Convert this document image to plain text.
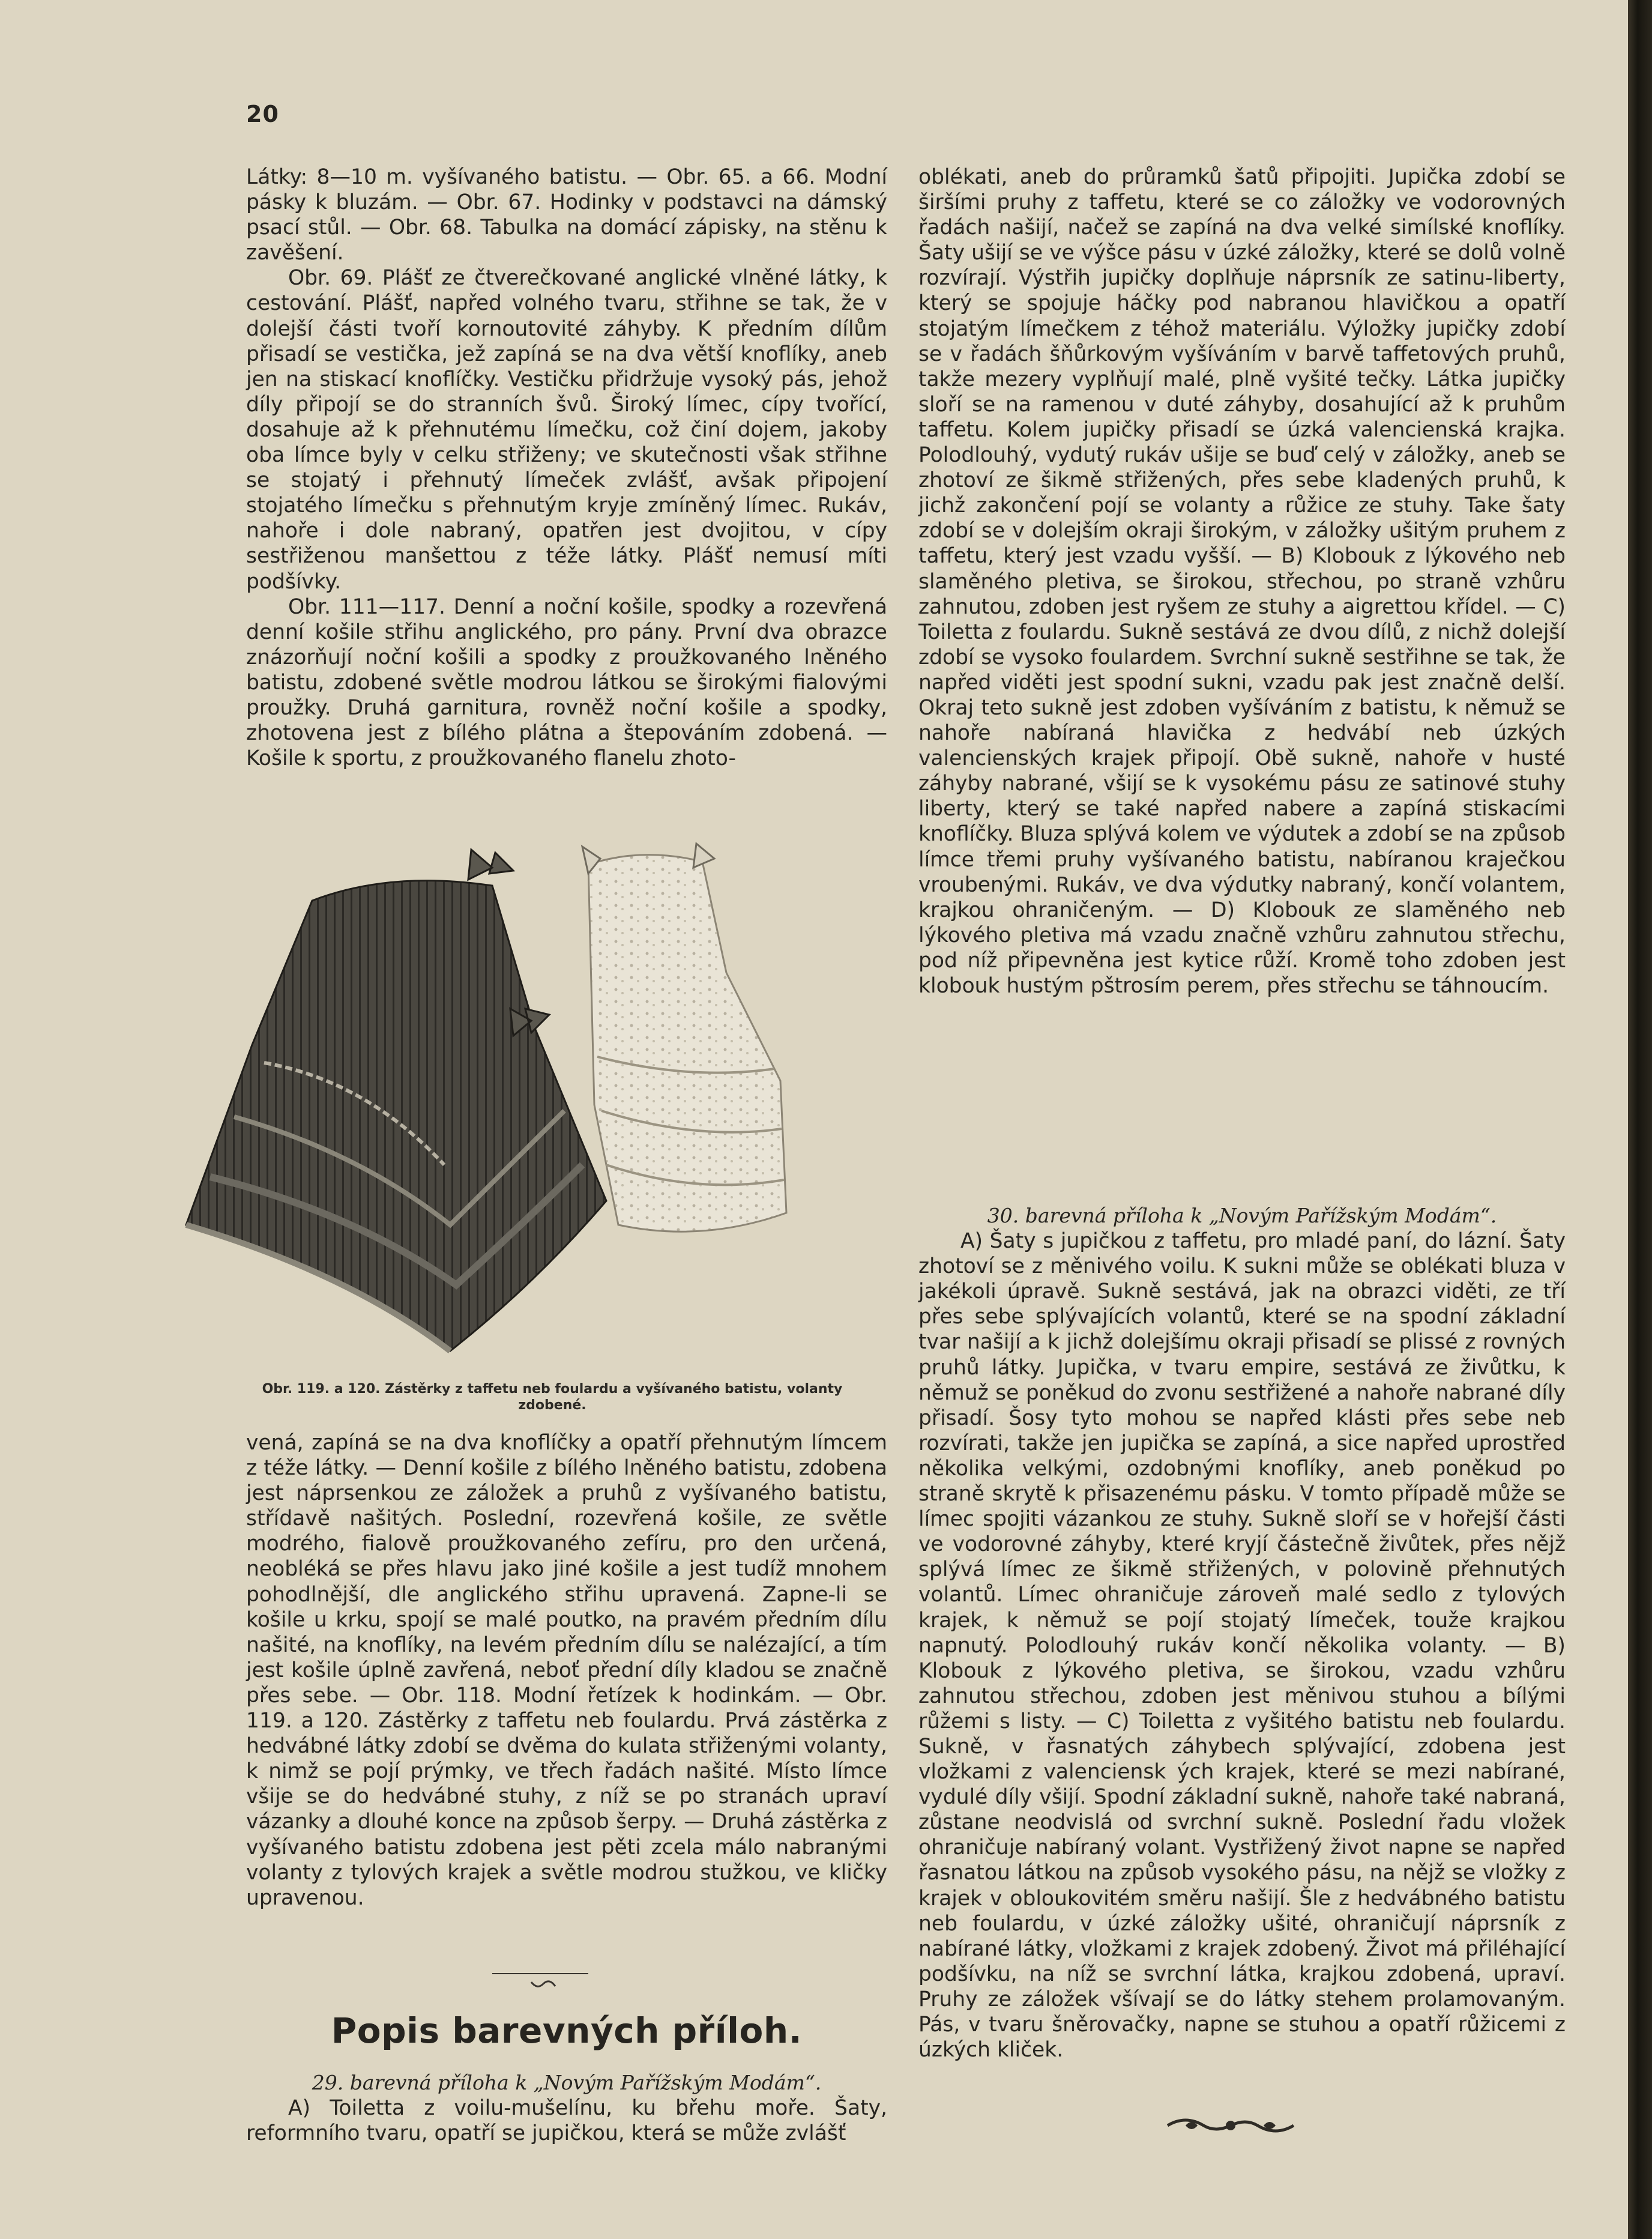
20

Látky: 8—10 m. vyšívaného batistu. — Obr. 65. a 66. Modní pásky k bluzám. — Obr. 67. Hodinky v podstavci na dámský psací stůl. — Obr. 68. Tabulka na domácí zápisky, na stěnu k zavěšení.

Obr. 69. Plášť ze čtverečkované anglické vlněné látky, k cestování. Plášť, napřed volného tvaru, střihne se tak, že v dolejší části tvoří kornoutovité záhyby. K předním dílům přisadí se vestička, jež zapíná se na dva větší knoflíky, aneb jen na stiskací knoflíčky. Vestičku přidržuje vysoký pás, jehož díly připojí se do stranních švů. Široký límec, cípy tvořící, dosahuje až k přehnutému límečku, což činí dojem, jakoby oba límce byly v celku střiženy; ve skutečnosti však střihne se stojatý i přehnutý límeček zvlášť, avšak připojení stojatého límečku s přehnutým kryje zmíněný límec. Rukáv, nahoře i dole nabraný, opatřen jest dvojitou, v cípy sestřiženou manšettou z téže látky. Plášť nemusí míti podšívky.

Obr. 111—117. Denní a noční košile, spodky a rozevřená denní košile střihu anglického, pro pány. První dva obrazce znázorňují noční košili a spodky z proužkovaného lněného batistu, zdobené světle modrou látkou se širokými fialovými proužky. Druhá garnitura, rovněž noční košile a spodky, zhotovena jest z bílého plátna a štepováním zdobená. — Košile k sportu, z proužkovaného flanelu zhoto-

Obr. 119. a 120. Zástěrky z taffetu neb foulardu a vyšívaného batistu, volanty zdobené.

vená, zapíná se na dva knoflíčky a opatří přehnutým límcem z téže látky. — Denní košile z bílého lněného batistu, zdobena jest náprsenkou ze záložek a pruhů z vyšívaného batistu, střídavě našitých. Poslední, rozevřená košile, ze světle modrého, fialově proužkovaného zefíru, pro den určená, neobléká se přes hlavu jako jiné košile a jest tudíž mnohem pohodlnější, dle anglického střihu upravená. Zapne-li se košile u krku, spojí se malé poutko, na pravém předním dílu našité, na knoflíky, na levém předním dílu se nalézající, a tím jest košile úplně zavřená, neboť přední díly kladou se značně přes sebe. — Obr. 118. Modní řetízek k hodinkám. — Obr. 119. a 120. Zástěrky z taffetu neb foulardu. Prvá zástěrka z hedvábné látky zdobí se dvěma do kulata střiženými volanty, k nimž se pojí prýmky, ve třech řadách našité. Místo límce všije se do hedvábné stuhy, z níž se po stranách upraví vázanky a dlouhé konce na způsob šerpy. — Druhá zástěrka z vyšívaného batistu zdobena jest pěti zcela málo nabranými volanty z tylových krajek a světle modrou stužkou, ve kličky upravenou.

Popis barevných příloh.

29. barevná příloha k „Novým Pařížským Modám“.

A) Toiletta z voilu-mušelínu, ku břehu moře. Šaty, reformního tvaru, opatří se jupičkou, která se může zvlášť

oblékati, aneb do průramků šatů připojiti. Jupička zdobí se širšími pruhy z taffetu, které se co záložky ve vodorovných řadách našijí, načež se zapíná na dva velké simílské knoflíky. Šaty ušijí se ve výšce pásu v úzké záložky, které se dolů volně rozvírají. Výstřih jupičky doplňuje náprsník ze satinu-liberty, který se spojuje háčky pod nabranou hlavičkou a opatří stojatým límečkem z téhož materiálu. Výložky jupičky zdobí se v řadách šňůrkovým vyšíváním v barvě taffetových pruhů, takže mezery vyplňují malé, plně vyšité tečky. Látka jupičky sloří se na ramenou v duté záhyby, dosahující až k pruhům taffetu. Kolem jupičky přisadí se úzká valencienská krajka. Polodlouhý, vydutý rukáv ušije se buď celý v záložky, aneb se zhotoví ze šikmě střižených, přes sebe kladených pruhů, k jichž zakončení pojí se volanty a růžice ze stuhy. Take šaty zdobí se v dolejším okraji širokým, v záložky ušitým pruhem z taffetu, který jest vzadu vyšší. — B) Klobouk z lýkového neb slaměného pletiva, se širokou, střechou, po straně vzhůru zahnutou, zdoben jest ryšem ze stuhy a aigrettou křídel. — C) Toiletta z foulardu. Sukně sestává ze dvou dílů, z nichž dolejší zdobí se vysoko foulardem. Svrchní sukně sestřihne se tak, že napřed viděti jest spodní sukni, vzadu pak jest značně delší. Okraj teto sukně jest zdoben vyšíváním z batistu, k němuž se nahoře nabíraná hlavička z hedvábí neb úzkých valencienských krajek připojí. Obě sukně, nahoře v husté záhyby nabrané, všijí se k vysokému pásu ze satinové stuhy liberty, který se také napřed nabere a zapíná stiskacími knoflíčky. Bluza splývá kolem ve výdutek a zdobí se na způsob límce třemi pruhy vyšívaného batistu, nabíranou kraječkou vroubenými. Rukáv, ve dva výdutky nabraný, končí volantem, krajkou ohraničeným. — D) Klobouk ze slaměného neb lýkového pletiva má vzadu značně vzhůru zahnutou střechu, pod níž připevněna jest kytice růží. Kromě toho zdoben jest klobouk hustým pštrosím perem, přes střechu se táhnoucím.

30. barevná příloha k „Novým Pařížským Modám“.

A) Šaty s jupičkou z taffetu, pro mladé paní, do lázní. Šaty zhotoví se z měnivého voilu. K sukni může se oblékati bluza v jakékoli úpravě. Sukně sestává, jak na obrazci viděti, ze tří přes sebe splývajících volantů, které se na spodní základní tvar našijí a k jichž dolejšímu okraji přisadí se plissé z rovných pruhů látky. Jupička, v tvaru empire, sestává ze živůtku, k němuž se poněkud do zvonu sestřižené a nahoře nabrané díly přisadí. Šosy tyto mohou se napřed klásti přes sebe neb rozvírati, takže jen jupička se zapíná, a sice napřed uprostřed několika velkými, ozdobnými knoflíky, aneb poněkud po straně skrytě k přisazenému pásku. V tomto případě může se límec spojiti vázankou ze stuhy. Sukně sloří se v hořejší části ve vodorovné záhyby, které kryjí částečně živůtek, přes nějž splývá límec ze šikmě střižených, v polovině přehnutých volantů. Límec ohraničuje zároveň malé sedlo z tylových krajek, k němuž se pojí stojatý límeček, touže krajkou napnutý. Polodlouhý rukáv končí několika volanty. — B) Klobouk z lýkového pletiva, se širokou, vzadu vzhůru zahnutou střechou, zdoben jest měnivou stuhou a bílými růžemi s listy. — C) Toiletta z vyšitého batistu neb foulardu. Sukně, v řasnatých záhybech splývající, zdobena jest vložkami z valenciensk ých krajek, které se mezi nabírané, vydulé díly všijí. Spodní základní sukně, nahoře také nabraná, zůstane neodvislá od svrchní sukně. Poslední řadu vložek ohraničuje nabíraný volant. Vystřižený život napne se napřed řasnatou látkou na způsob vysokého pásu, na nějž se vložky z krajek v obloukovitém směru našijí. Šle z hedvábného batistu neb foulardu, v úzké záložky ušité, ohraničují náprsník z nabírané látky, vložkami z krajek zdobený. Život má přiléhající podšívku, na níž se svrchní látka, krajkou zdobená, upraví. Pruhy ze záložek všívají se do látky stehem prolamovaným. Pás, v tvaru šněrovačky, napne se stuhou a opatří růžicemi z úzkých kliček.
